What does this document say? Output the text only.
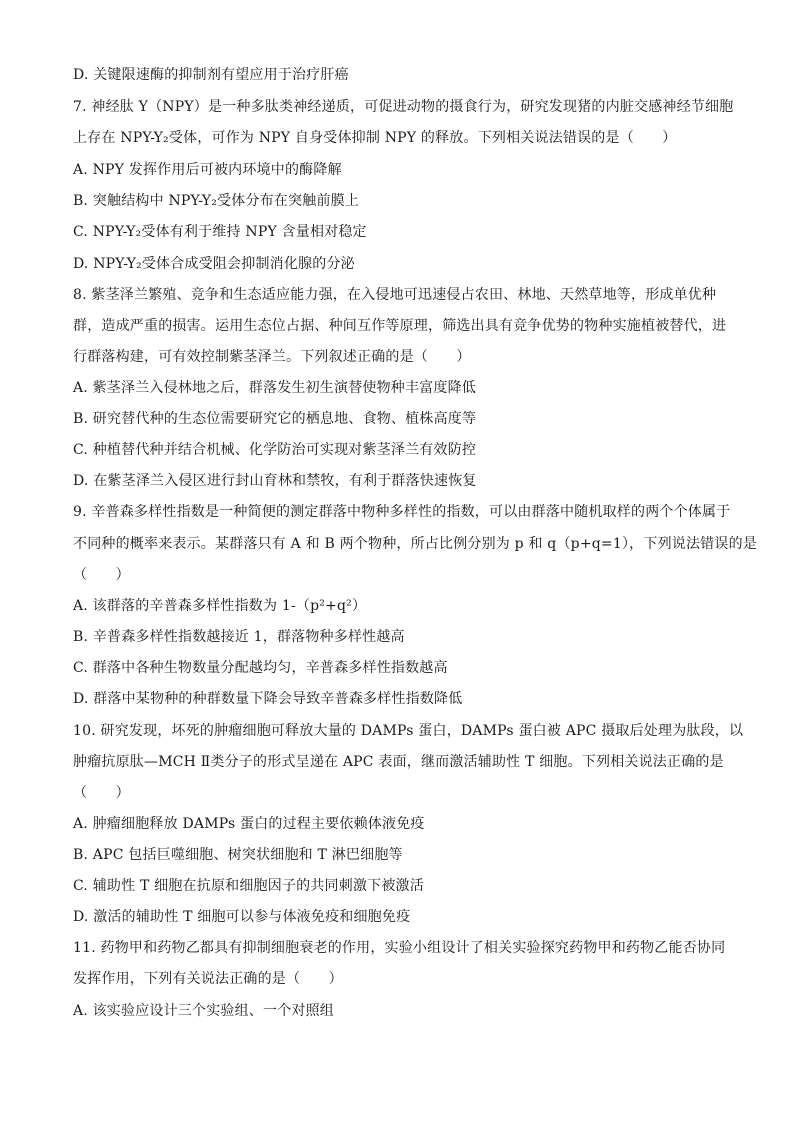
D. 关键限速酶的抑制剂有望应用于治疗肝癌
7. 神经肽 Y（NPY）是一种多肽类神经递质，可促进动物的摄食行为，研究发现猪的内脏交感神经节细胞
上存在 NPY-Y₂受体，可作为 NPY 自身受体抑制 NPY 的释放。下列相关说法错误的是（　　）
A. NPY 发挥作用后可被内环境中的酶降解
B. 突触结构中 NPY-Y₂受体分布在突触前膜上
C. NPY-Y₂受体有利于维持 NPY 含量相对稳定
D. NPY-Y₂受体合成受阻会抑制消化腺的分泌
8. 紫茎泽兰繁殖、竞争和生态适应能力强，在入侵地可迅速侵占农田、林地、天然草地等，形成单优种
群，造成严重的损害。运用生态位占据、种间互作等原理，筛选出具有竞争优势的物种实施植被替代，进
行群落构建，可有效控制紫茎泽兰。下列叙述正确的是（　　）
A. 紫茎泽兰入侵林地之后，群落发生初生演替使物种丰富度降低
B. 研究替代种的生态位需要研究它的栖息地、食物、植株高度等
C. 种植替代种并结合机械、化学防治可实现对紫茎泽兰有效防控
D. 在紫茎泽兰入侵区进行封山育林和禁牧，有利于群落快速恢复
9. 辛普森多样性指数是一种简便的测定群落中物种多样性的指数，可以由群落中随机取样的两个个体属于
不同种的概率来表示。某群落只有 A 和 B 两个物种，所占比例分别为 p 和 q（p+q=1），下列说法错误的是
（　　）
A. 该群落的辛普森多样性指数为 1-（p²+q²）
B. 辛普森多样性指数越接近 1，群落物种多样性越高
C. 群落中各种生物数量分配越均匀，辛普森多样性指数越高
D. 群落中某物种的种群数量下降会导致辛普森多样性指数降低
10. 研究发现，坏死的肿瘤细胞可释放大量的 DAMPs 蛋白，DAMPs 蛋白被 APC 摄取后处理为肽段，以
肿瘤抗原肽—MCH Ⅱ类分子的形式呈递在 APC 表面，继而激活辅助性 T 细胞。下列相关说法正确的是
（　　）
A. 肿瘤细胞释放 DAMPs 蛋白的过程主要依赖体液免疫
B. APC 包括巨噬细胞、树突状细胞和 T 淋巴细胞等
C. 辅助性 T 细胞在抗原和细胞因子的共同刺激下被激活
D. 激活的辅助性 T 细胞可以参与体液免疫和细胞免疫
11. 药物甲和药物乙都具有抑制细胞衰老的作用，实验小组设计了相关实验探究药物甲和药物乙能否协同
发挥作用，下列有关说法正确的是（　　）
A. 该实验应设计三个实验组、一个对照组
